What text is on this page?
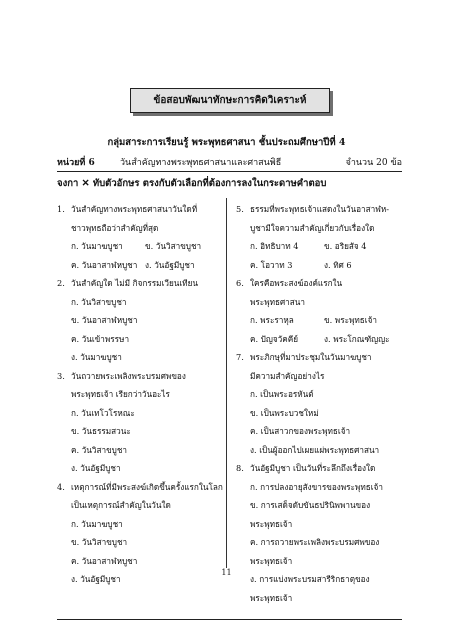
ข้อสอบพัฒนาทักษะการคิดวิเคราะห์
กลุ่มสาระการเรียนรู้ พระพุทธศาสนา ชั้นประถมศึกษาปีที่ 4
หน่วยที่ 6	วันสำคัญทางพระพุทธศาสนาและศาสนพิธี	จำนวน 20 ข้อ
จงกา ✕ ทับตัวอักษร ตรงกับตัวเลือกที่ต้องการลงในกระดาษคำตอบ
1. วันสำคัญทางพระพุทธศาสนาวันใดที่
ชาวพุทธถือว่าสำคัญที่สุด
ก. วันมาฆบูชา	ข. วันวิสาขบูชา
ค. วันอาสาฬหบูชา ง. วันอัฐมีบูชา
2. วันสำคัญใด ไม่มี กิจกรรมเวียนเทียน
ก. วันวิสาขบูชา
ข. วันอาสาฬหบูชา
ค. วันเข้าพรรษา
ง. วันมาฆบูชา
3. วันถวายพระเพลิงพระบรมศพของ
พระพุทธเจ้า เรียกว่าวันอะไร
ก. วันเทโวโรหณะ
ข. วันธรรมสวนะ
ค. วันวิสาขบูชา
ง. วันอัฐมีบูชา
4. เหตุการณ์ที่มีพระสงฆ์เกิดขึ้นครั้งแรกในโลก
เป็นเหตุการณ์สำคัญในวันใด
ก. วันมาฆบูชา
ข. วันวิสาขบูชา
ค. วันอาสาฬหบูชา
ง. วันอัฐมีบูชา
5. ธรรมที่พระพุทธเจ้าแสดงในวันอาสาฬห-
บูชามีใจความสำคัญเกี่ยวกับเรื่องใด
ก. อิทธิบาท 4	ข. อริยสัจ 4
ค. โอวาท 3	ง. ทิศ 6
6. ใครคือพระสงฆ์องค์แรกใน
พระพุทธศาสนา
ก. พระราหุล	ข. พระพุทธเจ้า
ค. ปัญจวัคคีย์	ง. พระโกณฑัญญะ
7. พระภิกษุที่มาประชุมในวันมาฆบูชา
มีความสำคัญอย่างไร
ก. เป็นพระอรหันต์
ข. เป็นพระบวชใหม่
ค. เป็นสาวกของพระพุทธเจ้า
ง. เป็นผู้ออกไปเผยแผ่พระพุทธศาสนา
8. วันอัฐมีบูชา เป็นวันที่ระลึกถึงเรื่องใด
ก. การปลงอายุสังขารของพระพุทธเจ้า
ข. การเสด็จดับขันธปรินิพพานของ
พระพุทธเจ้า
ค. การถวายพระเพลิงพระบรมศพของ
พระพุทธเจ้า
ง. การแบ่งพระบรมสารีริกธาตุของ
พระพุทธเจ้า
11
